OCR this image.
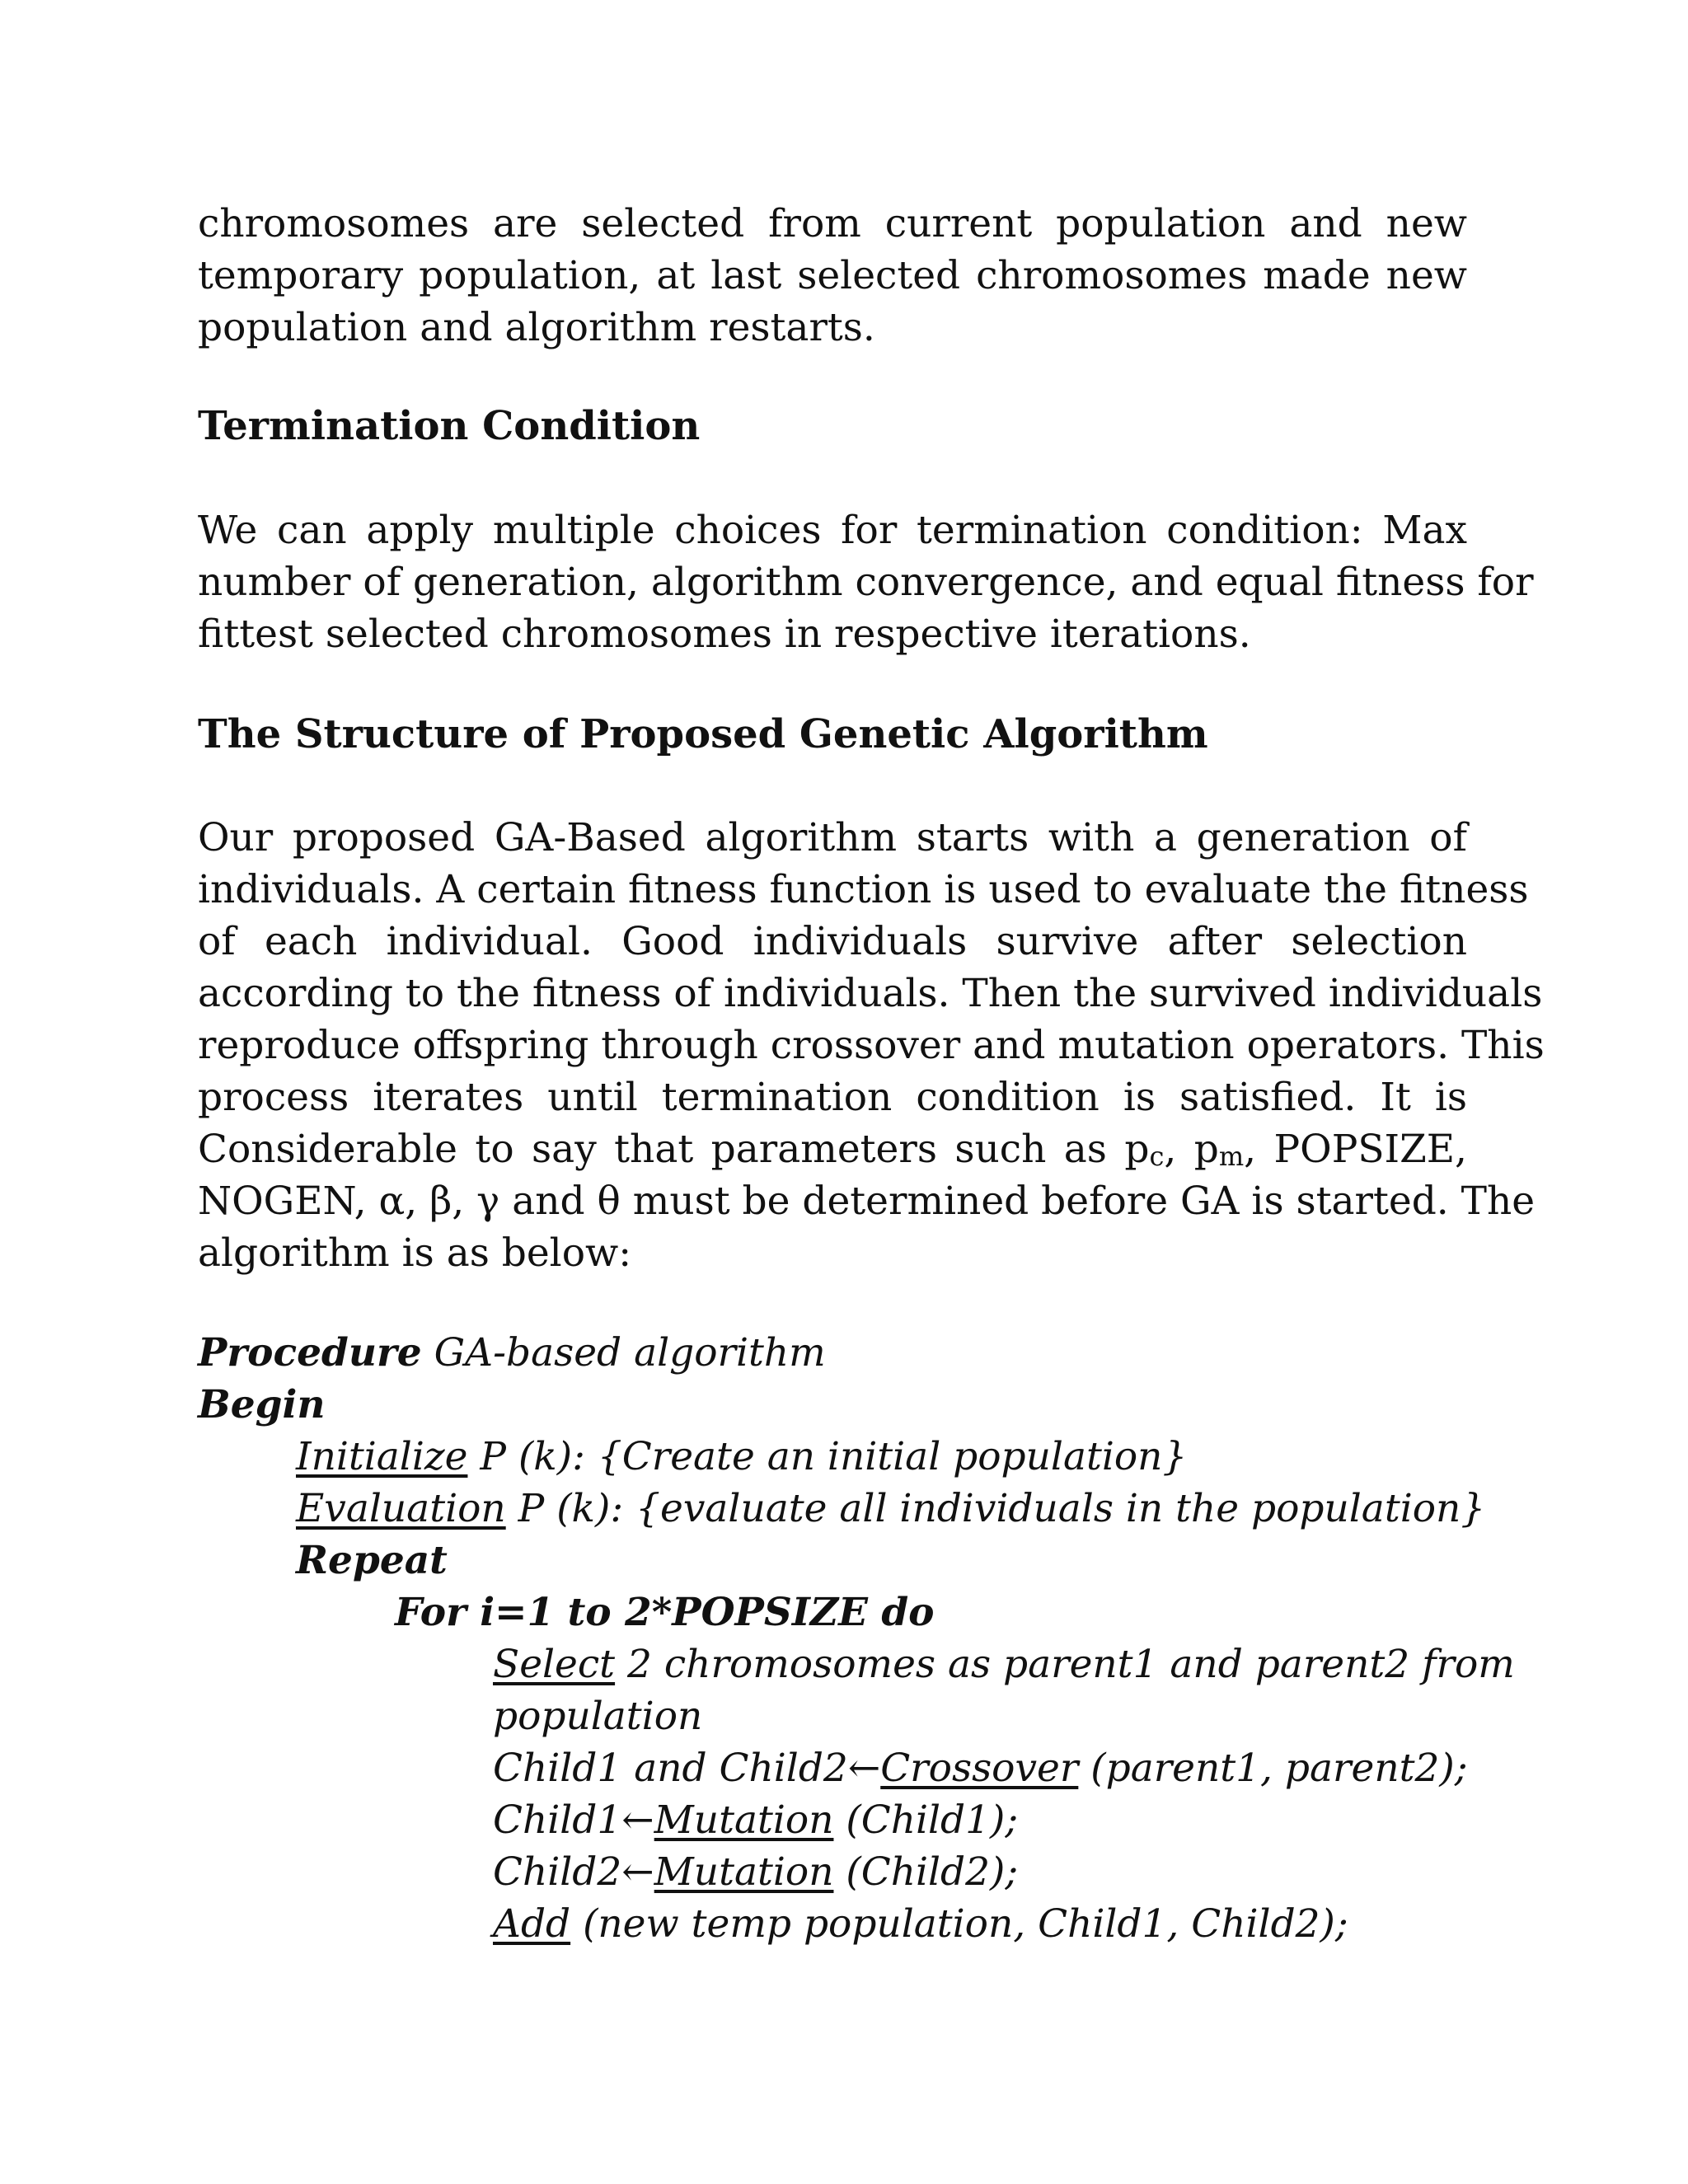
chromosomes are selected from current population and new
temporary population, at last selected chromosomes made new
population and algorithm restarts.
Termination Condition
We can apply multiple choices for termination condition: Max
number of generation, algorithm convergence, and equal fitness for
fittest selected chromosomes in respective iterations.
The Structure of Proposed Genetic Algorithm
Our proposed GA-Based algorithm starts with a generation of
individuals. A certain fitness function is used to evaluate the fitness
of each individual. Good individuals survive after selection
according to the fitness of individuals. Then the survived individuals
reproduce offspring through crossover and mutation operators. This
process iterates until termination condition is satisfied. It is
Considerable to say that parameters such as $p_c$, $p_m$, POPSIZE,
NOGEN, α, β, γ and θ must be determined before GA is started. The
algorithm is as below:
Procedure GA-based algorithm
Begin
Initialize P (k): {Create an initial population}
Evaluation P (k): {evaluate all individuals in the population}
Repeat
For i=1 to 2*POPSIZE do
Select 2 chromosomes as parent1 and parent2 from
population
Child1 and Child2←Crossover (parent1, parent2);
Child1←Mutation (Child1);
Child2←Mutation (Child2);
Add (new temp population, Child1, Child2);
